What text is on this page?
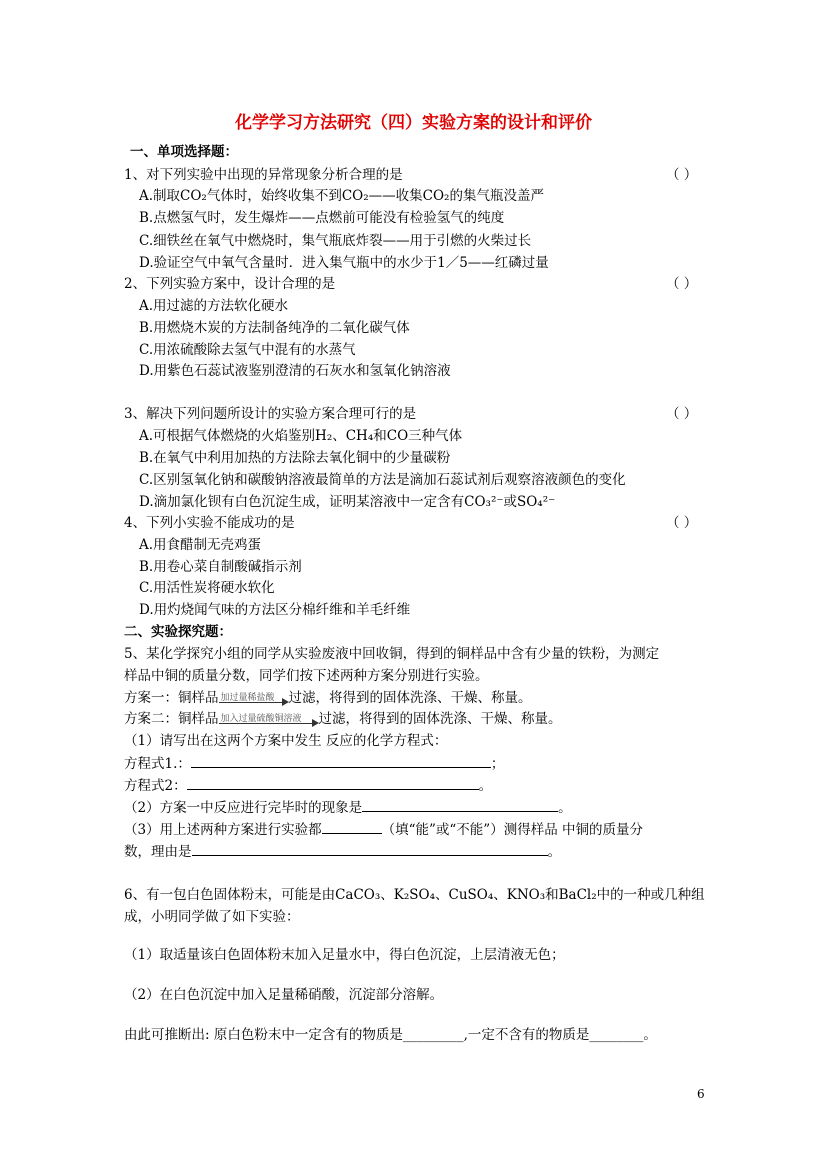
化学学习方法研究（四）实验方案的设计和评价
一、单项选择题：
1、对下列实验中出现的异常现象分析合理的是	（ ）
A.制取CO₂气体时，始终收集不到CO₂——收集CO₂的集气瓶没盖严
B.点燃氢气时，发生爆炸——点燃前可能没有检验氢气的纯度
C.细铁丝在氧气中燃烧时，集气瓶底炸裂——用于引燃的火柴过长
D.验证空气中氧气含量时．进入集气瓶中的水少于1／5——红磷过量
2、下列实验方案中，设计合理的是	（ ）
A.用过滤的方法软化硬水
B.用燃烧木炭的方法制备纯净的二氧化碳气体
C.用浓硫酸除去氢气中混有的水蒸气
D.用紫色石蕊试液鉴别澄清的石灰水和氢氧化钠溶液
3、解决下列问题所设计的实验方案合理可行的是	（ ）
A.可根据气体燃烧的火焰鉴别H₂、CH₄和CO三种气体
B.在氧气中利用加热的方法除去氧化铜中的少量碳粉
C.区别氢氧化钠和碳酸钠溶液最简单的方法是滴加石蕊试剂后观察溶液颜色的变化
D.滴加氯化钡有白色沉淀生成，证明某溶液中一定含有CO₃²⁻或SO₄²⁻
4、下列小实验不能成功的是	（ ）
A.用食醋制无壳鸡蛋
B.用卷心菜自制酸碱指示剂
C.用活性炭将硬水软化
D.用灼烧闻气味的方法区分棉纤维和羊毛纤维
二、实验探究题：
5、某化学探究小组的同学从实验废液中回收铜，得到的铜样品中含有少量的铁粉，为测定
样品中铜的质量分数，同学们按下述两种方案分别进行实验。
方案一：铜样品 加过量稀盐酸 过滤，将得到的固体洗涤、干燥、称量。
方案二：铜样品 加入过量硫酸铜溶液 过滤，将得到的固体洗涤、干燥、称量。
（1）请写出在这两个方案中发生 反应的化学方程式：
方程式1.：	；
方程式2：	。
（2）方案一中反应进行完毕时的现象是	。
（3）用上述两种方案进行实验都	（填“能”或“不能”）测得样品 中铜的质量分
数，理由是	。
6、有一包白色固体粉末，可能是由CaCO₃、K₂SO₄、CuSO₄、KNO₃和BaCl₂中的一种或几种组
成，小明同学做了如下实验：
（1）取适量该白色固体粉末加入足量水中，得白色沉淀，上层清液无色；
（2）在白色沉淀中加入足量稀硝酸，沉淀部分溶解。
由此可推断出: 原白色粉末中一定含有的物质是_________,一定不含有的物质是________。
6
